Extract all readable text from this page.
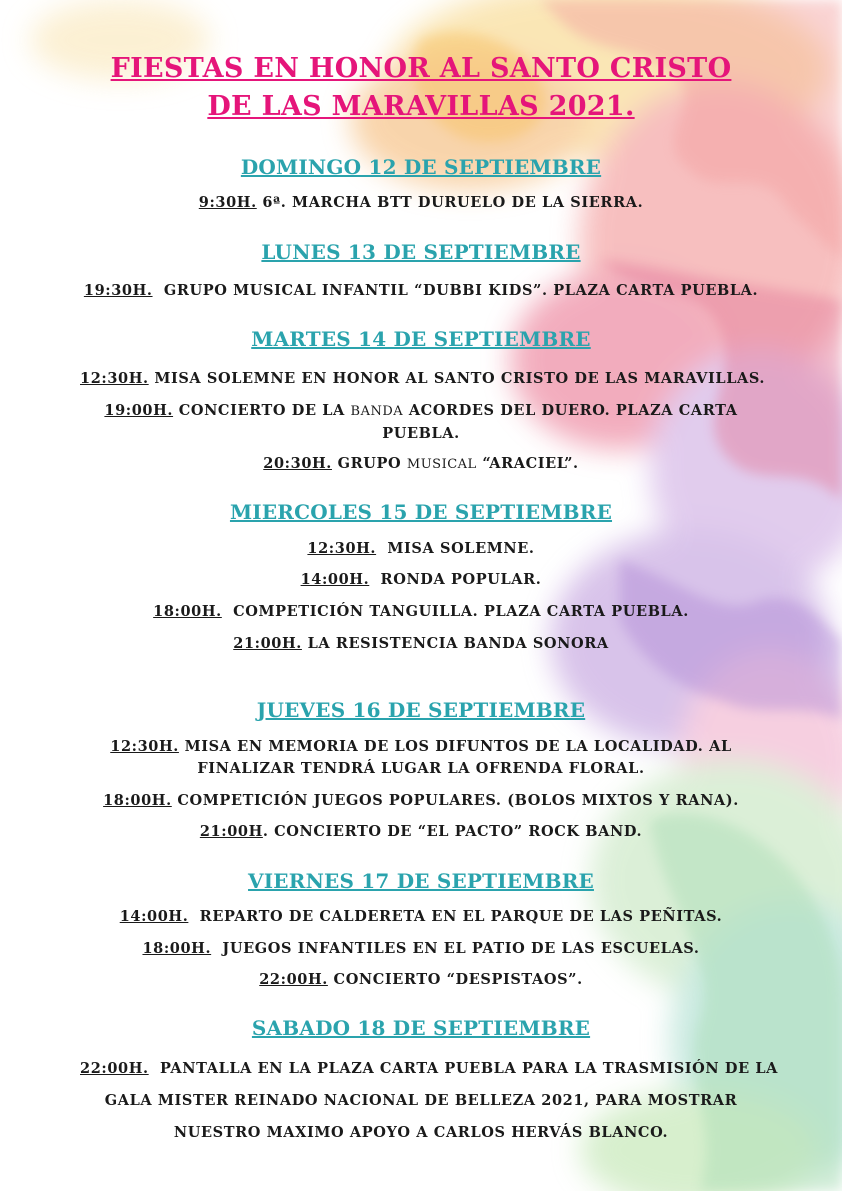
FIESTAS EN HONOR AL SANTO CRISTO
DE LAS MARAVILLAS 2021.
DOMINGO 12 DE SEPTIEMBRE
9:30H. 6ª. MARCHA BTT DURUELO DE LA SIERRA.
LUNES 13 DE SEPTIEMBRE
19:30H.  GRUPO MUSICAL INFANTIL “DUBBI KIDS”. PLAZA CARTA PUEBLA.
MARTES 14 DE SEPTIEMBRE
12:30H. MISA SOLEMNE EN HONOR AL SANTO CRISTO DE LAS MARAVILLAS.
19:00H. CONCIERTO DE LA BANDA ACORDES DEL DUERO. PLAZA CARTA
PUEBLA.
20:30H. GRUPO MUSICAL “ARACIEL”.
MIERCOLES 15 DE SEPTIEMBRE
12:30H.  MISA SOLEMNE.
14:00H.  RONDA POPULAR.
18:00H.  COMPETICIÓN TANGUILLA. PLAZA CARTA PUEBLA.
21:00H. LA RESISTENCIA BANDA SONORA
JUEVES 16 DE SEPTIEMBRE
12:30H. MISA EN MEMORIA DE LOS DIFUNTOS DE LA LOCALIDAD. AL
FINALIZAR TENDRÁ LUGAR LA OFRENDA FLORAL.
18:00H. COMPETICIÓN JUEGOS POPULARES. (BOLOS MIXTOS Y RANA).
21:00H. CONCIERTO DE “EL PACTO” ROCK BAND.
VIERNES 17 DE SEPTIEMBRE
14:00H.  REPARTO DE CALDERETA EN EL PARQUE DE LAS PEÑITAS.
18:00H.  JUEGOS INFANTILES EN EL PATIO DE LAS ESCUELAS.
22:00H. CONCIERTO “DESPISTAOS”.
SABADO 18 DE SEPTIEMBRE
22:00H.  PANTALLA EN LA PLAZA CARTA PUEBLA PARA LA TRASMISIÓN DE LA
GALA MISTER REINADO NACIONAL DE BELLEZA 2021, PARA MOSTRAR
NUESTRO MAXIMO APOYO A CARLOS HERVÁS BLANCO.
